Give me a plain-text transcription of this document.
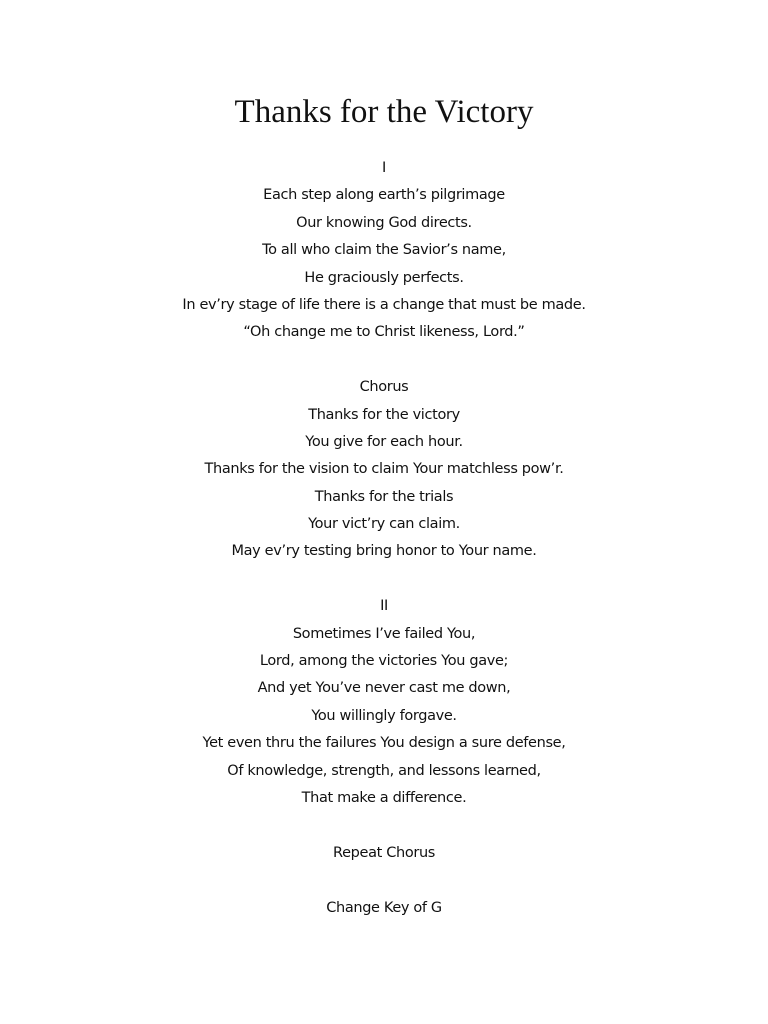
Thanks for the Victory
I
Each step along earth’s pilgrimage
Our knowing God directs.
To all who claim the Savior’s name,
He graciously perfects.
In ev’ry stage of life there is a change that must be made.
“Oh change me to Christ likeness, Lord.”
Chorus
Thanks for the victory
You give for each hour.
Thanks for the vision to claim Your matchless pow’r.
Thanks for the trials
Your vict’ry can claim.
May ev’ry testing bring honor to Your name.
II
Sometimes I’ve failed You,
Lord, among the victories You gave;
And yet You’ve never cast me down,
You willingly forgave.
Yet even thru the failures You design a sure defense,
Of knowledge, strength, and lessons learned,
That make a difference.
Repeat Chorus
Change Key of G
